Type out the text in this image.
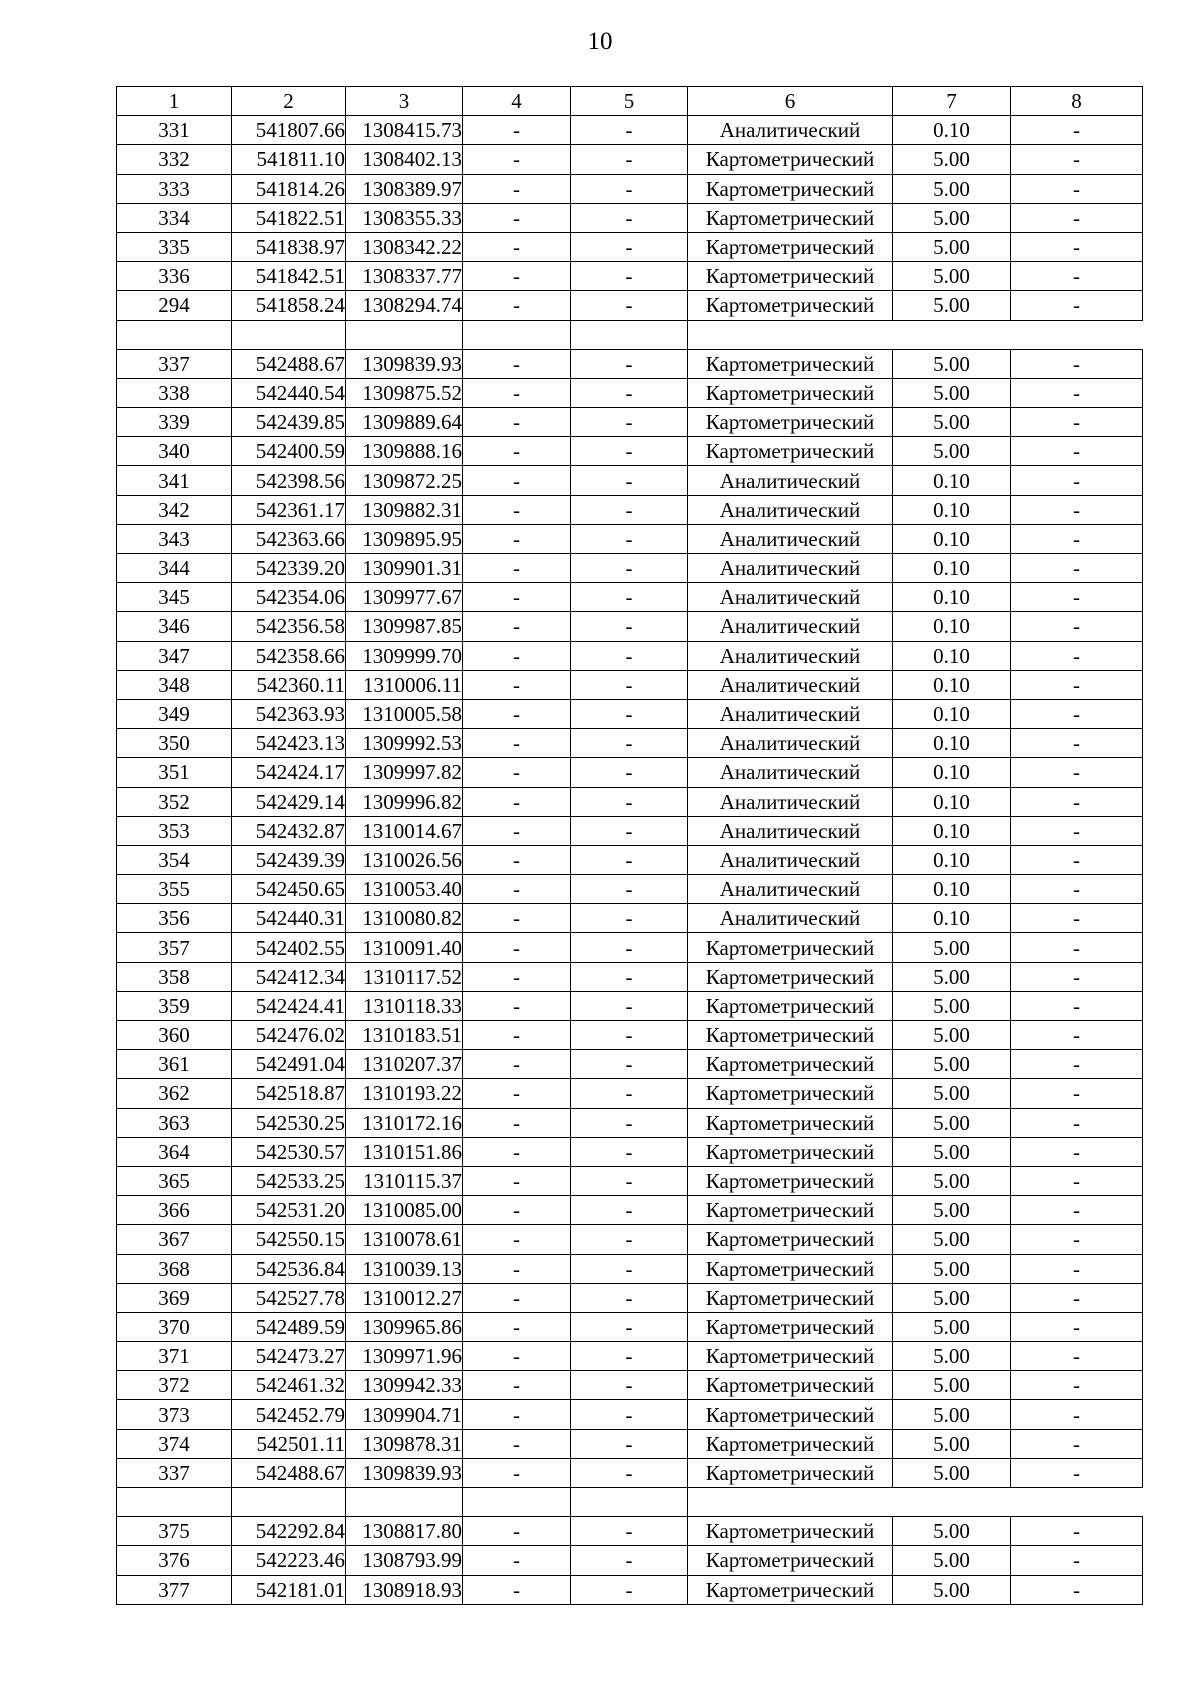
10
1	2	3	4	5	6	7	8
331	541807.66	1308415.73	-	-	Аналитический	0.10	-
332	541811.10	1308402.13	-	-	Картометрический	5.00	-
333	541814.26	1308389.97	-	-	Картометрический	5.00	-
334	541822.51	1308355.33	-	-	Картометрический	5.00	-
335	541838.97	1308342.22	-	-	Картометрический	5.00	-
336	541842.51	1308337.77	-	-	Картометрический	5.00	-
294	541858.24	1308294.74	-	-	Картометрический	5.00	-

337	542488.67	1309839.93	-	-	Картометрический	5.00	-
338	542440.54	1309875.52	-	-	Картометрический	5.00	-
339	542439.85	1309889.64	-	-	Картометрический	5.00	-
340	542400.59	1309888.16	-	-	Картометрический	5.00	-
341	542398.56	1309872.25	-	-	Аналитический	0.10	-
342	542361.17	1309882.31	-	-	Аналитический	0.10	-
343	542363.66	1309895.95	-	-	Аналитический	0.10	-
344	542339.20	1309901.31	-	-	Аналитический	0.10	-
345	542354.06	1309977.67	-	-	Аналитический	0.10	-
346	542356.58	1309987.85	-	-	Аналитический	0.10	-
347	542358.66	1309999.70	-	-	Аналитический	0.10	-
348	542360.11	1310006.11	-	-	Аналитический	0.10	-
349	542363.93	1310005.58	-	-	Аналитический	0.10	-
350	542423.13	1309992.53	-	-	Аналитический	0.10	-
351	542424.17	1309997.82	-	-	Аналитический	0.10	-
352	542429.14	1309996.82	-	-	Аналитический	0.10	-
353	542432.87	1310014.67	-	-	Аналитический	0.10	-
354	542439.39	1310026.56	-	-	Аналитический	0.10	-
355	542450.65	1310053.40	-	-	Аналитический	0.10	-
356	542440.31	1310080.82	-	-	Аналитический	0.10	-
357	542402.55	1310091.40	-	-	Картометрический	5.00	-
358	542412.34	1310117.52	-	-	Картометрический	5.00	-
359	542424.41	1310118.33	-	-	Картометрический	5.00	-
360	542476.02	1310183.51	-	-	Картометрический	5.00	-
361	542491.04	1310207.37	-	-	Картометрический	5.00	-
362	542518.87	1310193.22	-	-	Картометрический	5.00	-
363	542530.25	1310172.16	-	-	Картометрический	5.00	-
364	542530.57	1310151.86	-	-	Картометрический	5.00	-
365	542533.25	1310115.37	-	-	Картометрический	5.00	-
366	542531.20	1310085.00	-	-	Картометрический	5.00	-
367	542550.15	1310078.61	-	-	Картометрический	5.00	-
368	542536.84	1310039.13	-	-	Картометрический	5.00	-
369	542527.78	1310012.27	-	-	Картометрический	5.00	-
370	542489.59	1309965.86	-	-	Картометрический	5.00	-
371	542473.27	1309971.96	-	-	Картометрический	5.00	-
372	542461.32	1309942.33	-	-	Картометрический	5.00	-
373	542452.79	1309904.71	-	-	Картометрический	5.00	-
374	542501.11	1309878.31	-	-	Картометрический	5.00	-
337	542488.67	1309839.93	-	-	Картометрический	5.00	-

375	542292.84	1308817.80	-	-	Картометрический	5.00	-
376	542223.46	1308793.99	-	-	Картометрический	5.00	-
377	542181.01	1308918.93	-	-	Картометрический	5.00	-
